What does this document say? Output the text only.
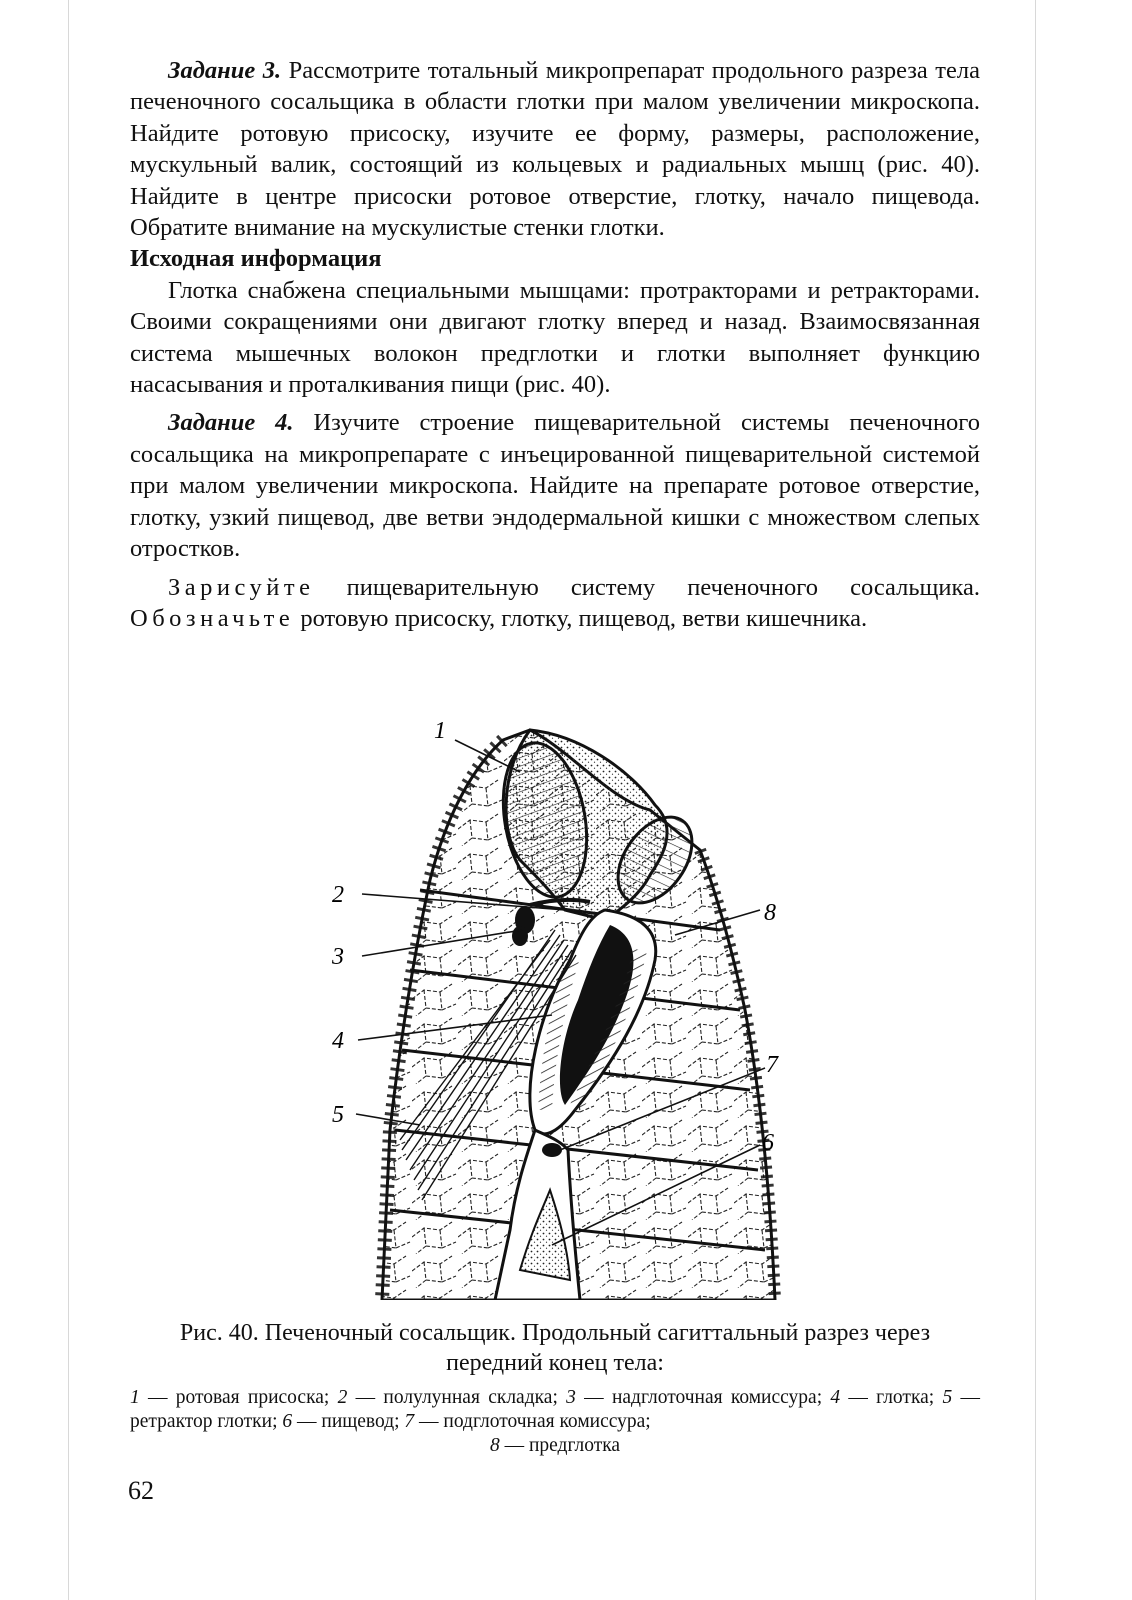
Задание 3. Рассмотрите тотальный микропрепарат продольного разреза тела печеночного сосальщика в области глотки при малом увеличении микроскопа. Найдите ротовую присоску, изучите ее форму, размеры, расположение, мускульный валик, состоящий из кольцевых и радиальных мышц (рис. 40). Найдите в центре присоски ротовое отверстие, глотку, начало пищевода. Обратите внимание на мускулистые стенки глотки.

Исходная информация

Глотка снабжена специальными мышцами: протракторами и ретракторами. Своими сокращениями они двигают глотку вперед и назад. Взаимосвязанная система мышечных волокон предглотки и глотки выполняет функцию насасывания и проталкивания пищи (рис. 40).

Задание 4. Изучите строение пищеварительной системы печеночного сосальщика на микропрепарате с инъецированной пищеварительной системой при малом увеличении микроскопа. Найдите на препарате ротовое отверстие, глотку, узкий пищевод, две ветви эндодермальной кишки с множеством слепых отростков.

Зарисуйте пищеварительную систему печеночного сосальщика. Обозначьте ротовую присоску, глотку, пищевод, ветви кишечника.

1
2
3
4
5
6
7
8
Рис. 40. Печеночный сосальщик. Продольный сагиттальный разрез через передний конец тела:
1 — ротовая присоска; 2 — полулунная складка; 3 — надглоточная комиссура; 4 — глотка; 5 — ретрактор глотки; 6 — пищевод; 7 — подглоточная комиссура;
8 — предглотка
62
